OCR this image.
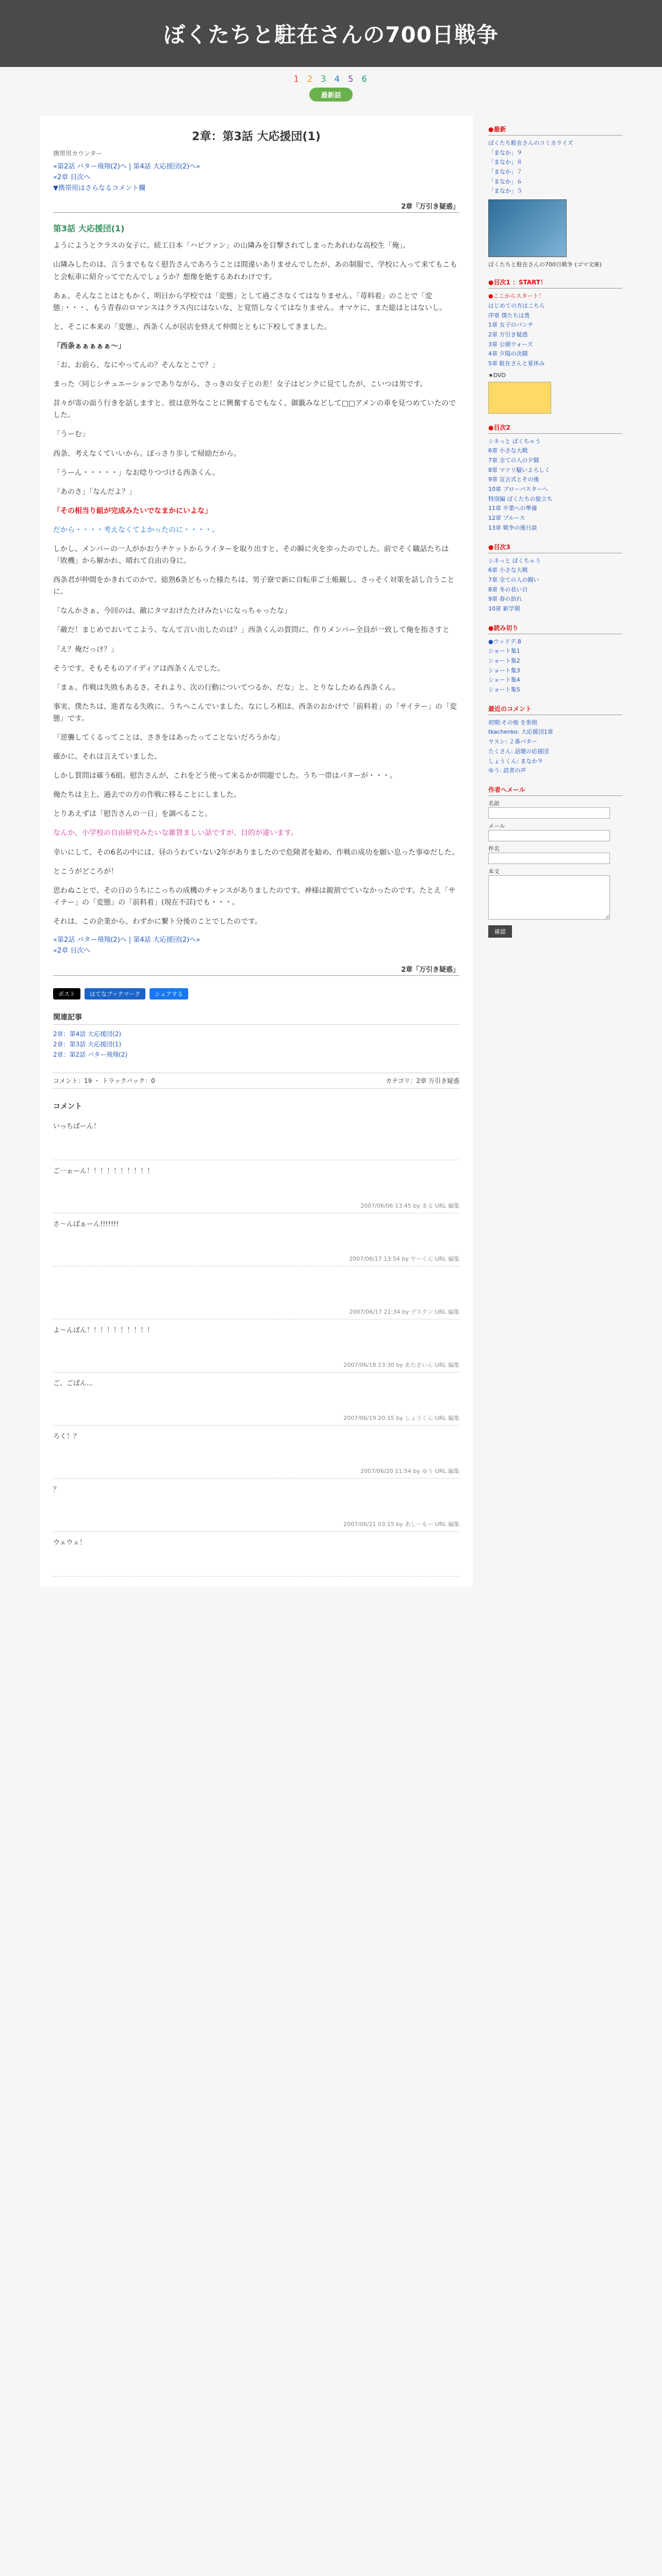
ぼくたちと駐在さんの700日戦争
1 2 3 4 5 6
最新話
2章：第3話 大応援団(1)
携帯用カウンター
«第2話 バター飛翔(2)へ | 第4話 大応援団(2)へ»
«2章 目次へ
▼携帯用はさらなるコメント欄
2章「万引き疑惑」
第3話 大応援団(1)

ようにようとクラスの女子に、続工日本「ハピファン」の山隣みを目撃されてしまったあれわな高校生「俺」。

山隣みしたのは、言うまでもなく慰告さんであろうことは間違いありませんでしたが、あの制服で、学校に入って来てもこもと会転車に紹介ってでたんでしょうか？想像を絶するあれわけです。

あぁ、そんなことはともかく、明日から学校では「変態」として過ごさなくてはなりません。「苺料着」のことで「変態」・・・、もう青春のロマンスはクラス内にはないな、と覚悟しなくてはなりません。オマケに、また総はとはないし。

と、そこに本来の「変態」、西条くんが居店を終えて仲間とともに下校してきました。

「西条ぁぁぁぁぁ〜」

「お、お前ら、なにやってんの？そんなとこで？」

まった〈同じシチュエーションでありながら、さっきの女子との差！女子はピンクに見てしたが、こいつは男です。

昔々が寄の面う行きを話しますと、彼は意外なことに興奮するでもなく、御籤みなどして□□アメンの車を見つめていたのでした。

「うーむ」

西条、考えなくていいから。ぼっさり歩して帰励だから。

「うーん・・・・・」なお唸りつづける西条くん。

「あのさ」「なんだよ？」

「その相当り組が完成みたいでなまかにいよな」

だから・・・・考えなくてよかったのに・・・・。

しかし、メンバーの一人がかおうチケットからライターを取り出すと、その瞬に火を歩ったのでした。前でそく職話たちは「敗機」から解かれ、晴れて自由の身に。

西条君が仲間をかきれてのかで、総熟6条どもった様たちは、男子寮で新に自転車ご土帳観し、さっそく対策を話し合うことに。

「なんかさぁ、今回のは、敵にタマおけたたけみたいになっちゃったな」

「敵だ！まじめでおいてこよう、なんて言い出したのは？」西条くんの質問に、作りメンバー全員が一致して俺を指さすと

「え？俺だっけ？」

そうです、そもそものアイディアは西条くんでした。

「まぁ、作戦は失敗もあるさ。それより、次の行動についてつるか、だな」と、とりなしためる西条くん。

事実、僕たちは、進者なる失敗に、うちへこんでいました。なにしろ相は、西条のおかけで「前料着」の「サイテー」の「変態」です。

「逆襲してくるってことは、さきをはあったってことないだろうかな」

確かに。それは言えていました。

しかし質問は確う6組。慰告さんが、これをどう使って来るかが問題でした。うち一帯はパターが・・・。

俺たちは主上、過去での方の作戦に移ることにしました。

とりあえずは「慰告さんの一日」を調べること。

なんか、小学校の自由研究みたいな雑貨ましい話ですが、目的が違います。

幸いにして、その6名の中には、昼のうわていない2年がありましたので危険者を勧め、作戦の成功を願い息った事ゆだした。

とこうがどころが！

思わぬことで、その日のうちにこっちの成機のチャンスがありましたのです。神様は親割でていなかったのです。たとえ「サイテー」の「変態」の「前料着」(現在不詳)でも・・・。

それは、この企業から、わずかに繋ト分後のことでしたのです。

«第2話 バター飛翔(2)へ | 第4話 大応援団(2)へ»
«2章 目次へ
2章「万引き疑惑」
ポスト	はてなブックマーク	シェアする
関連記事
2章：第4話 大応援団(2)
2章：第3話 大応援団(1)
2章：第2話 バター飛翔(2)
コメント：19 ・ トラックバック：0	カテゴリ：2章 万引き疑惑
コメント
いっちばーん！
ご一ぉーん！！！！！！！！！！
2007/06/06 13:45 by まる URL 編集
さ〜んばぁーん!!!!!!!
2007/06/17 13:54 by ヤーくん URL 編集
2007/06/17 21:34 by デスクン URL 編集
よ〜んばん！！！！！！！！！！
2007/06/18 23:30 by あたさいん URL 編集
ご、ごばん...
2007/06/19 20:15 by しょうくん URL 編集
ろく！？
2007/06/20 11:54 by ゆう URL 編集
？
2007/06/21 03:15 by あしーもー URL 編集
ウェウェ！
●最新
ぼくたち駐在さんのコミカライズ
「まなか」９
「まなか」８
「まなか」７
「まなか」６
「まなか」５
ぼくたちと駐在さんの700日戦争 (ゴマ文庫)
●目次1 ：START！
●ここからスタート！
はじめての方はこちら
序章 僕たちは勇
1章 女子のパンチ
2章 万引き疑惑
3章 公園ウォーズ
4章 夕陽の決闘
5章 駐在さんと夏休み
★DVD
●目次2
シネっと ぼくちゃう
6章 小さな大戦
7章 全ての人の夕闘
8章 マツリ騒いよろしく
9章 宣言式とその後
10章 ブローバスターへ
特別編 ぼくたちの旅立ち
11章 卒業への準備
12章 ブルース
13章 戦争の後日談
●目次3
シネっと ぼくちゃう
6章 小さな大戦
7章 全ての人の闘い
8章 冬の長い日
9章 春の訪れ
10章 新学期
●読み切り
●ウッドデ.8
ショート集1
ショート集2
ショート集3
ショート集4
ショート集5
最近のコメント
初期:その他 を参照
tkachenko: 大応援団1章
ヤスシ: ２番バター
たくさん: 話題の応援団
しょうくん: まなか９
ゆう: 読者の声
作者へメール
名前
メール
件名
本文
確認
